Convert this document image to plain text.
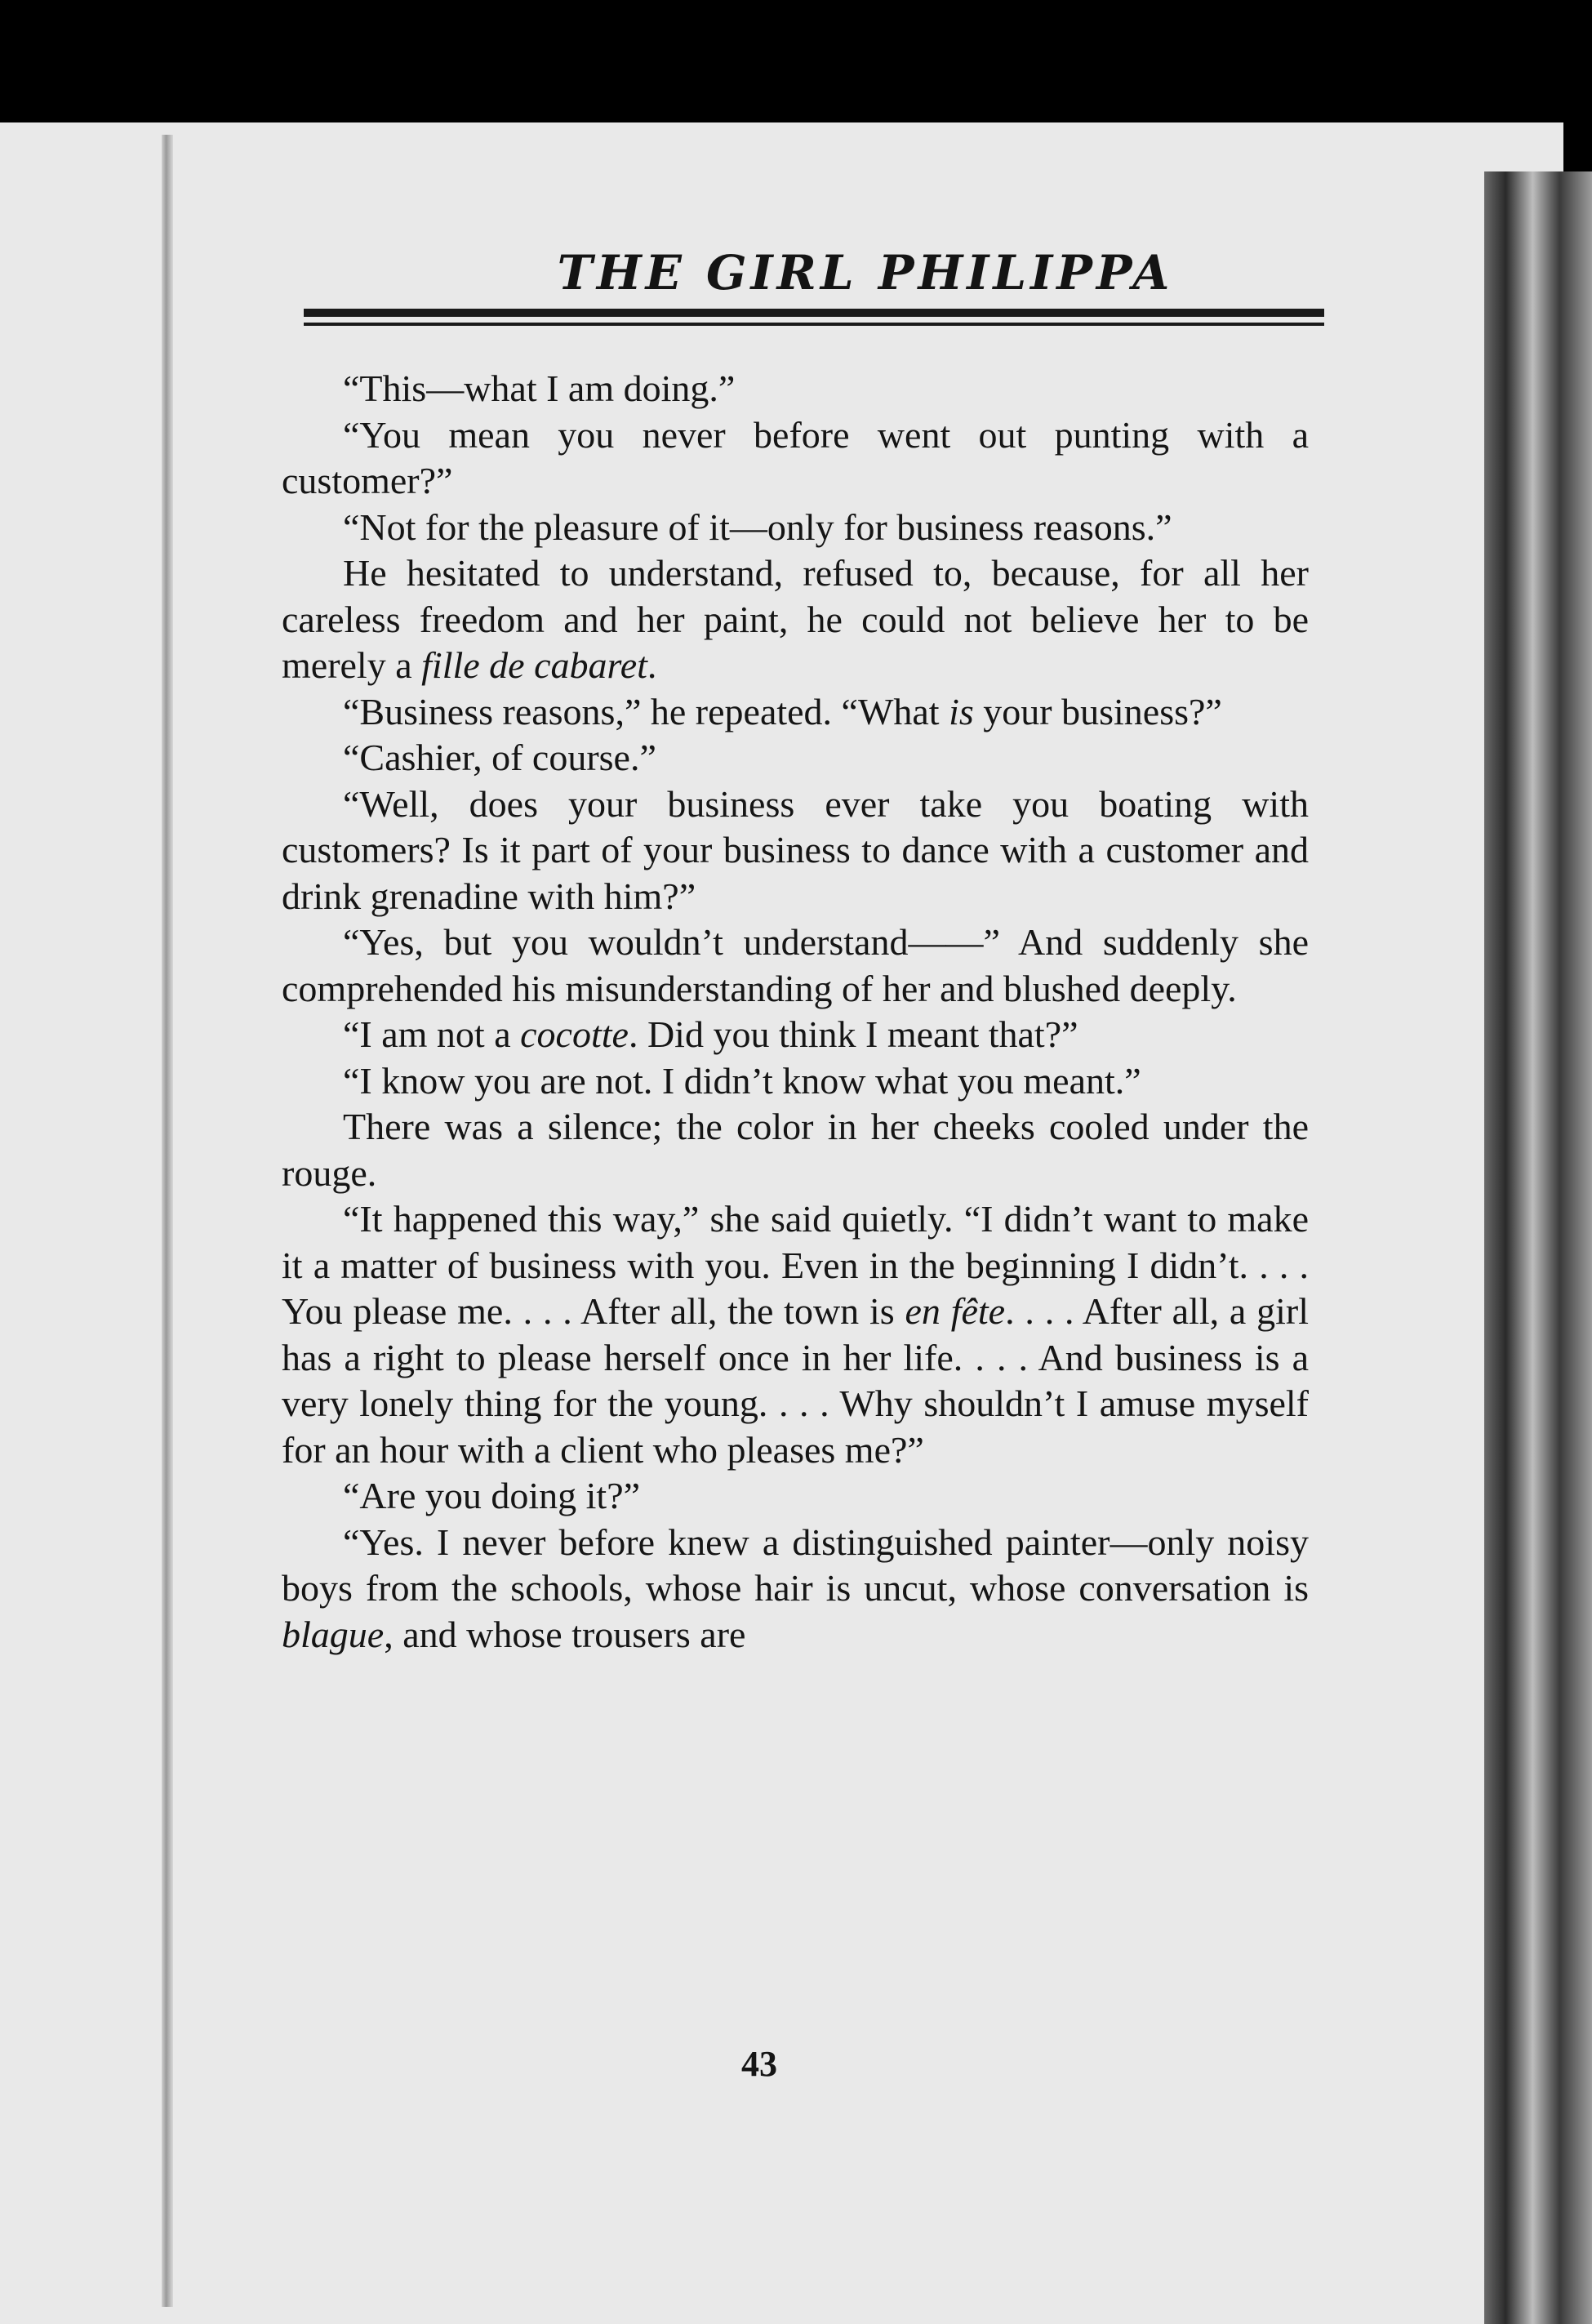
THE GIRL PHILIPPA

“This—what I am doing.”

“You mean you never before went out punting with a customer?”

“Not for the pleasure of it—only for business reasons.”

He hesitated to understand, refused to, because, for all her careless freedom and her paint, he could not believe her to be merely a fille de cabaret.

“Business reasons,” he repeated. “What is your business?”

“Cashier, of course.”

“Well, does your business ever take you boating with customers? Is it part of your business to dance with a customer and drink grenadine with him?”

“Yes, but you wouldn’t understand——” And suddenly she comprehended his misunderstanding of her and blushed deeply.

“I am not a cocotte. Did you think I meant that?”

“I know you are not. I didn’t know what you meant.”

There was a silence; the color in her cheeks cooled under the rouge.

“It happened this way,” she said quietly. “I didn’t want to make it a matter of business with you. Even in the beginning I didn’t. . . . You please me. . . . After all, the town is en fête. . . . After all, a girl has a right to please herself once in her life. . . . And business is a very lonely thing for the young. . . . Why shouldn’t I amuse myself for an hour with a client who pleases me?”

“Are you doing it?”

“Yes. I never before knew a distinguished painter—only noisy boys from the schools, whose hair is uncut, whose conversation is blague, and whose trousers are

43
